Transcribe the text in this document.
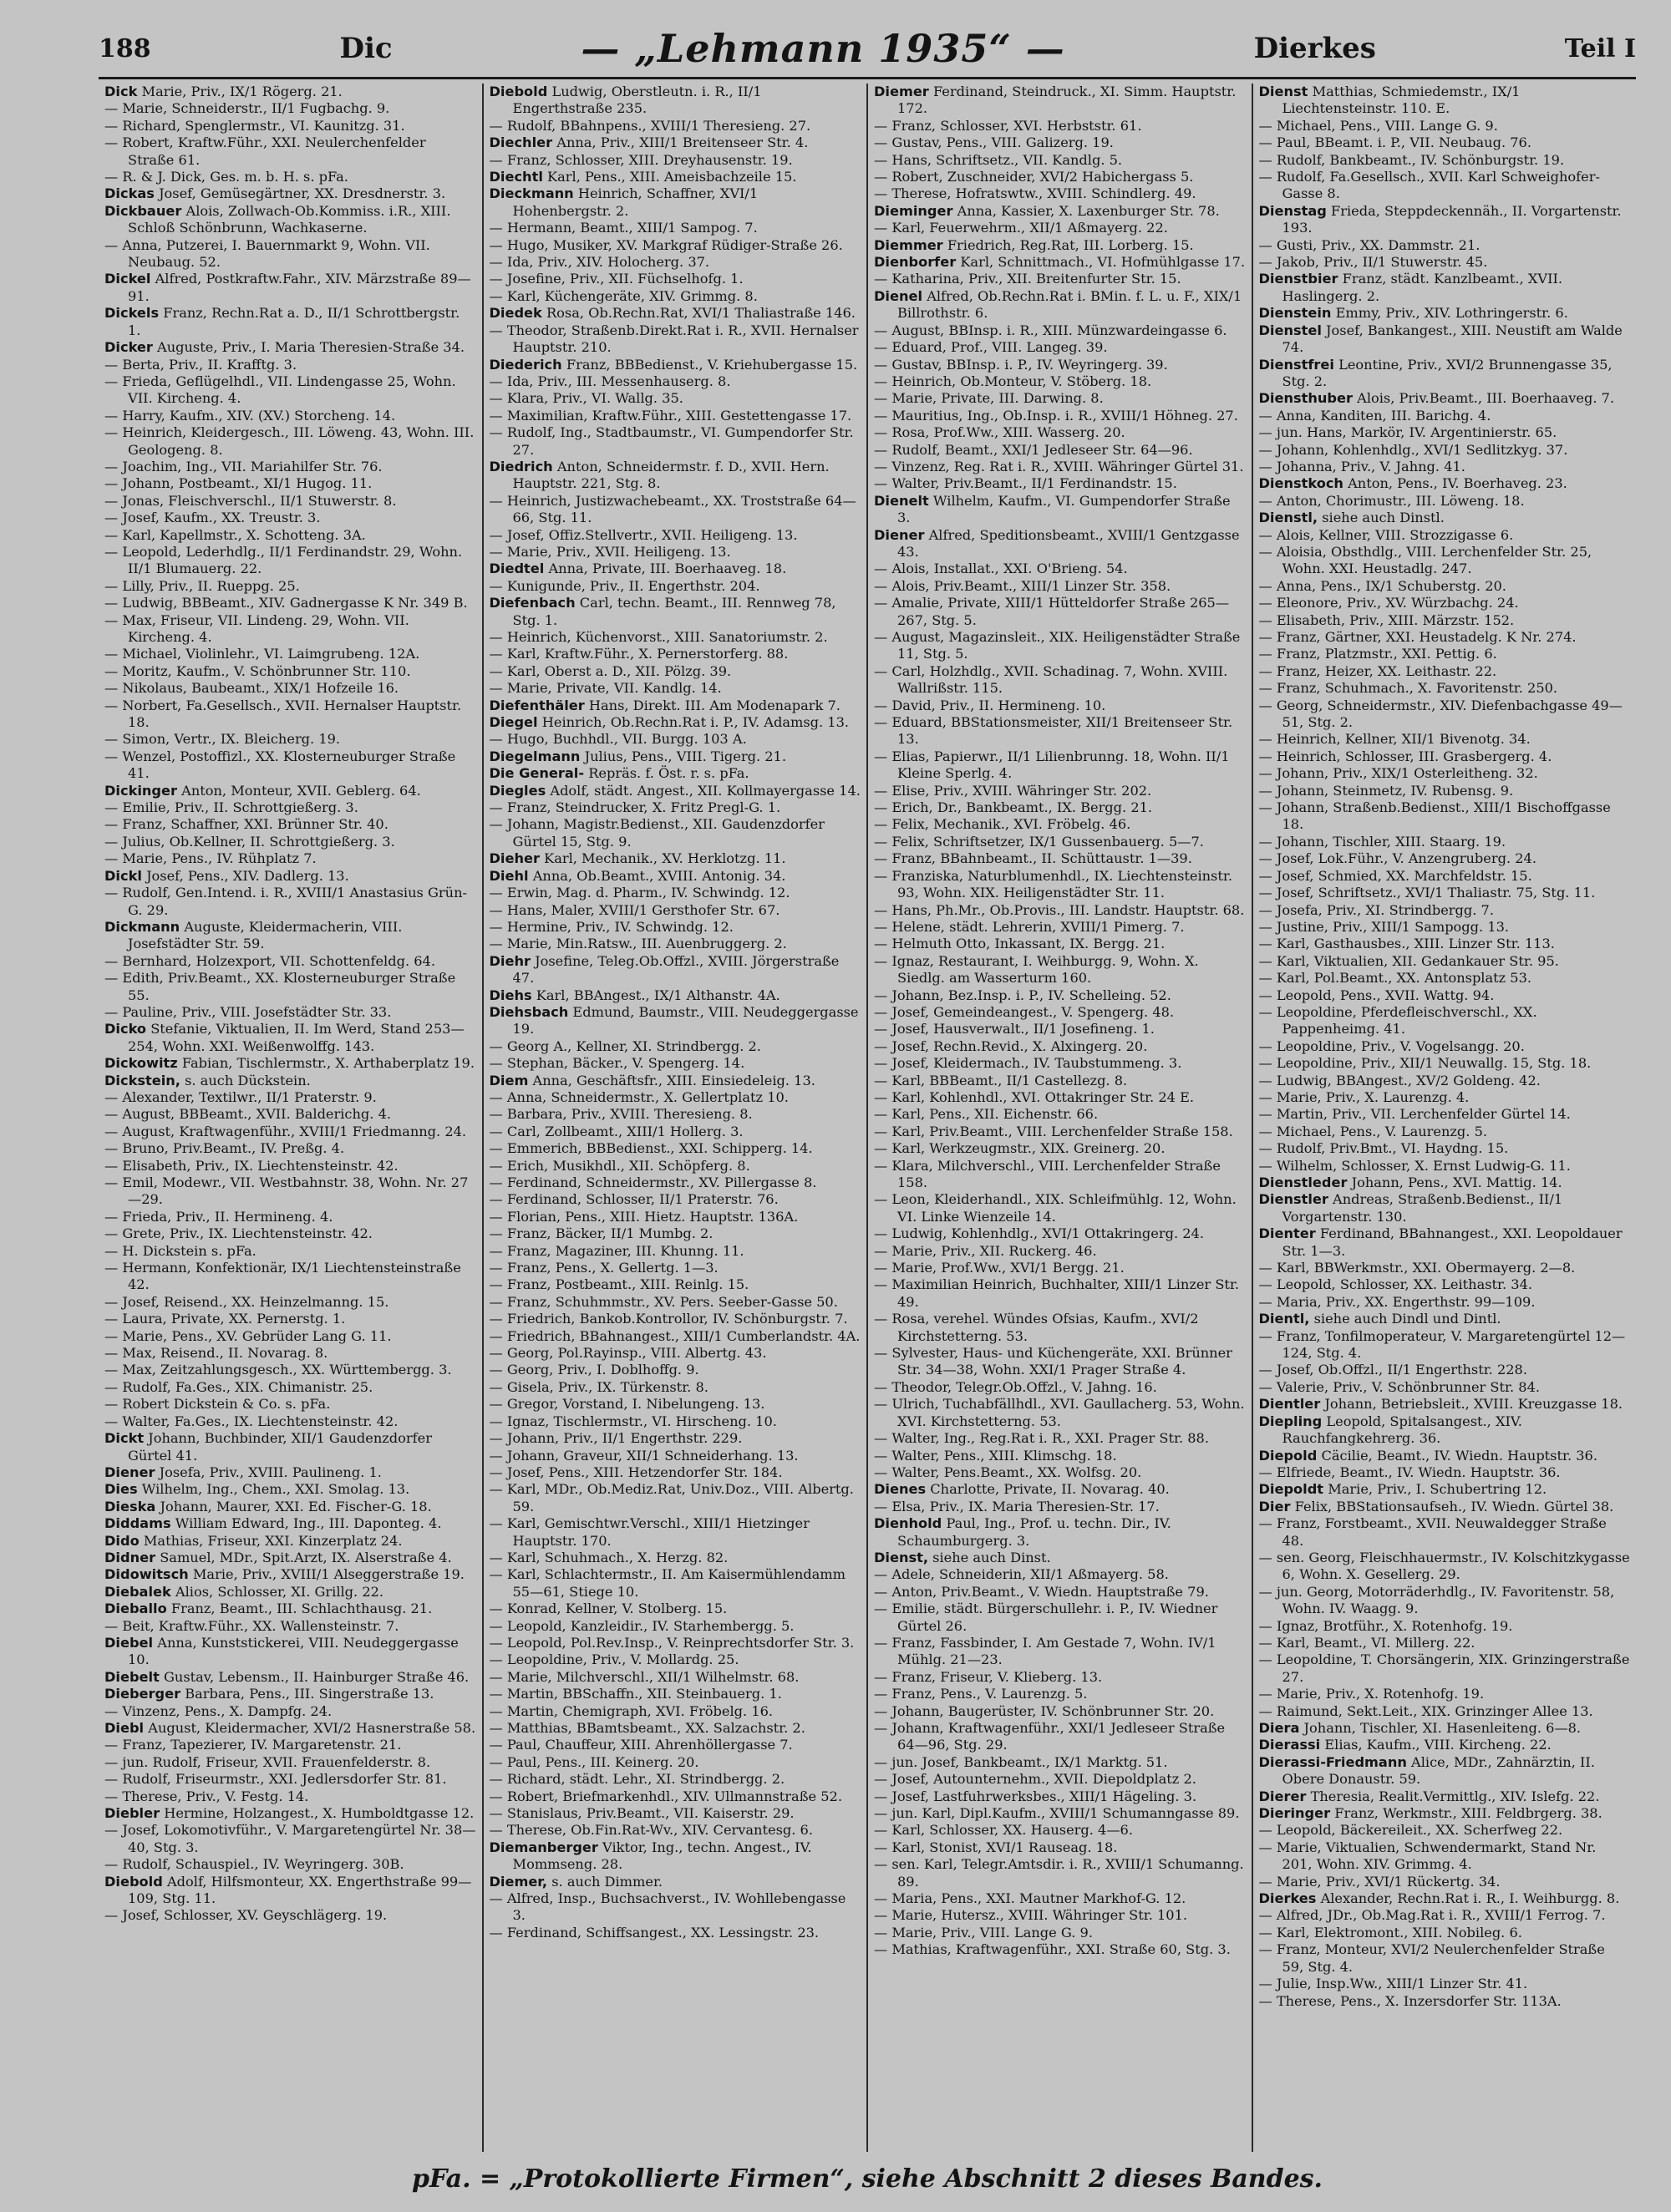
188	Dic	— „Lehmann 1935“ —	Dierkes	Teil I

Dick Marie, Priv., IX/1 Rögerg. 21.

— Marie, Schneiderstr., II/1 Fugbachg. 9.

— Richard, Spenglermstr., VI. Kaunitzg. 31.

— Robert, Kraftw.Führ., XXI. Neulerchenfelder Straße 61.

— R. & J. Dick, Ges. m. b. H. s. pFa.

Dickas Josef, Gemüsegärtner, XX. Dresdnerstr. 3.

Dickbauer Alois, Zollwach-Ob.Kommiss. i.R., XIII. Schloß Schönbrunn, Wachkaserne.

— Anna, Putzerei, I. Bauernmarkt 9, Wohn. VII. Neubaug. 52.

Dickel Alfred, Postkraftw.Fahr., XIV. Märzstraße 89—91.

Dickels Franz, Rechn.Rat a. D., II/1 Schrottbergstr. 1.

Dicker Auguste, Priv., I. Maria Theresien-Straße 34.

— Berta, Priv., II. Krafftg. 3.

— Frieda, Geflügelhdl., VII. Lindengasse 25, Wohn. VII. Kircheng. 4.

— Harry, Kaufm., XIV. (XV.) Storcheng. 14.

— Heinrich, Kleidergesch., III. Löweng. 43, Wohn. III. Geologeng. 8.

— Joachim, Ing., VII. Mariahilfer Str. 76.

— Johann, Postbeamt., XI/1 Hugog. 11.

— Jonas, Fleischverschl., II/1 Stuwerstr. 8.

— Josef, Kaufm., XX. Treustr. 3.

— Karl, Kapellmstr., X. Schotteng. 3A.

— Leopold, Lederhdlg., II/1 Ferdinandstr. 29, Wohn. II/1 Blumauerg. 22.

— Lilly, Priv., II. Rueppg. 25.

— Ludwig, BBBeamt., XIV. Gadnergasse K Nr. 349 B.

— Max, Friseur, VII. Lindeng. 29, Wohn. VII. Kircheng. 4.

— Michael, Violinlehr., VI. Laimgrubeng. 12A.

— Moritz, Kaufm., V. Schönbrunner Str. 110.

— Nikolaus, Baubeamt., XIX/1 Hofzeile 16.

— Norbert, Fa.Gesellsch., XVII. Hernalser Hauptstr. 18.

— Simon, Vertr., IX. Bleicherg. 19.

— Wenzel, Postoffizl., XX. Klosterneuburger Straße 41.

Dickinger Anton, Monteur, XVII. Geblerg. 64.

— Emilie, Priv., II. Schrottgießerg. 3.

— Franz, Schaffner, XXI. Brünner Str. 40.

— Julius, Ob.Kellner, II. Schrottgießerg. 3.

— Marie, Pens., IV. Rühplatz 7.

Dickl Josef, Pens., XIV. Dadlerg. 13.

— Rudolf, Gen.Intend. i. R., XVIII/1 Anastasius Grün-G. 29.

Dickmann Auguste, Kleidermacherin, VIII. Josefstädter Str. 59.

— Bernhard, Holzexport, VII. Schottenfeldg. 64.

— Edith, Priv.Beamt., XX. Klosterneuburger Straße 55.

— Pauline, Priv., VIII. Josefstädter Str. 33.

Dicko Stefanie, Viktualien, II. Im Werd, Stand 253—254, Wohn. XXI. Weißenwolffg. 143.

Dickowitz Fabian, Tischlermstr., X. Arthaberplatz 19.

Dickstein, s. auch Dückstein.

— Alexander, Textilwr., II/1 Praterstr. 9.

— August, BBBeamt., XVII. Balderichg. 4.

— August, Kraftwagenführ., XVIII/1 Friedmanng. 24.

— Bruno, Priv.Beamt., IV. Preßg. 4.

— Elisabeth, Priv., IX. Liechtensteinstr. 42.

— Emil, Modewr., VII. Westbahnstr. 38, Wohn. Nr. 27—29.

— Frieda, Priv., II. Hermineng. 4.

— Grete, Priv., IX. Liechtensteinstr. 42.

— H. Dickstein s. pFa.

— Hermann, Konfektionär, IX/1 Liechtensteinstraße 42.

— Josef, Reisend., XX. Heinzelmanng. 15.

— Laura, Private, XX. Pernerstg. 1.

— Marie, Pens., XV. Gebrüder Lang G. 11.

— Max, Reisend., II. Novarag. 8.

— Max, Zeitzahlungsgesch., XX. Württembergg. 3.

— Rudolf, Fa.Ges., XIX. Chimanistr. 25.

— Robert Dickstein & Co. s. pFa.

— Walter, Fa.Ges., IX. Liechtensteinstr. 42.

Dickt Johann, Buchbinder, XII/1 Gaudenzdorfer Gürtel 41.

Diener Josefa, Priv., XVIII. Paulineng. 1.

Dies Wilhelm, Ing., Chem., XXI. Smolag. 13.

Dieska Johann, Maurer, XXI. Ed. Fischer-G. 18.

Diddams William Edward, Ing., III. Daponteg. 4.

Dido Mathias, Friseur, XXI. Kinzerplatz 24.

Didner Samuel, MDr., Spit.Arzt, IX. Alserstraße 4.

Didowitsch Marie, Priv., XVIII/1 Alseggerstraße 19.

Diebalek Alios, Schlosser, XI. Grillg. 22.

Dieballo Franz, Beamt., III. Schlachthausg. 21.

— Beit, Kraftw.Führ., XX. Wallensteinstr. 7.

Diebel Anna, Kunststickerei, VIII. Neudeggergasse 10.

Diebelt Gustav, Lebensm., II. Hainburger Straße 46.

Dieberger Barbara, Pens., III. Singerstraße 13.

— Vinzenz, Pens., X. Dampfg. 24.

Diebl August, Kleidermacher, XVI/2 Hasnerstraße 58.

— Franz, Tapezierer, IV. Margaretenstr. 21.

— jun. Rudolf, Friseur, XVII. Frauenfelderstr. 8.

— Rudolf, Friseurmstr., XXI. Jedlersdorfer Str. 81.

— Therese, Priv., V. Festg. 14.

Diebler Hermine, Holzangest., X. Humboldtgasse 12.

— Josef, Lokomotivführ., V. Margaretengürtel Nr. 38—40, Stg. 3.

— Rudolf, Schauspiel., IV. Weyringerg. 30B.

Diebold Adolf, Hilfsmonteur, XX. Engerthstraße 99—109, Stg. 11.

— Josef, Schlosser, XV. Geyschlägerg. 19.

Diebold Ludwig, Oberstleutn. i. R., II/1 Engerthstraße 235.

— Rudolf, BBahnpens., XVIII/1 Theresieng. 27.

Diechler Anna, Priv., XIII/1 Breitenseer Str. 4.

— Franz, Schlosser, XIII. Dreyhausenstr. 19.

Diechtl Karl, Pens., XIII. Ameisbachzeile 15.

Dieckmann Heinrich, Schaffner, XVI/1 Hohenbergstr. 2.

— Hermann, Beamt., XIII/1 Sampog. 7.

— Hugo, Musiker, XV. Markgraf Rüdiger-Straße 26.

— Ida, Priv., XIV. Holocherg. 37.

— Josefine, Priv., XII. Füchselhofg. 1.

— Karl, Küchengeräte, XIV. Grimmg. 8.

Diedek Rosa, Ob.Rechn.Rat, XVI/1 Thaliastraße 146.

— Theodor, Straßenb.Direkt.Rat i. R., XVII. Hernalser Hauptstr. 210.

Diederich Franz, BBBedienst., V. Kriehubergasse 15.

— Ida, Priv., III. Messenhauserg. 8.

— Klara, Priv., VI. Wallg. 35.

— Maximilian, Kraftw.Führ., XIII. Gestettengasse 17.

— Rudolf, Ing., Stadtbaumstr., VI. Gumpendorfer Str. 27.

Diedrich Anton, Schneidermstr. f. D., XVII. Hern. Hauptstr. 221, Stg. 8.

— Heinrich, Justizwachebeamt., XX. Troststraße 64—66, Stg. 11.

— Josef, Offiz.Stellvertr., XVII. Heiligeng. 13.

— Marie, Priv., XVII. Heiligeng. 13.

Diedtel Anna, Private, III. Boerhaaveg. 18.

— Kunigunde, Priv., II. Engerthstr. 204.

Diefenbach Carl, techn. Beamt., III. Rennweg 78, Stg. 1.

— Heinrich, Küchenvorst., XIII. Sanatoriumstr. 2.

— Karl, Kraftw.Führ., X. Pernerstorferg. 88.

— Karl, Oberst a. D., XII. Pölzg. 39.

— Marie, Private, VII. Kandlg. 14.

Diefenthäler Hans, Direkt. III. Am Modenapark 7.

Diegel Heinrich, Ob.Rechn.Rat i. P., IV. Adamsg. 13.

— Hugo, Buchhdl., VII. Burgg. 103 A.

Diegelmann Julius, Pens., VIII. Tigerg. 21.

Die General- Repräs. f. Öst. r. s. pFa.

Diegles Adolf, städt. Angest., XII. Kollmayergasse 14.

— Franz, Steindrucker, X. Fritz Pregl-G. 1.

— Johann, Magistr.Bedienst., XII. Gaudenzdorfer Gürtel 15, Stg. 9.

Dieher Karl, Mechanik., XV. Herklotzg. 11.

Diehl Anna, Ob.Beamt., XVIII. Antonig. 34.

— Erwin, Mag. d. Pharm., IV. Schwindg. 12.

— Hans, Maler, XVIII/1 Gersthofer Str. 67.

— Hermine, Priv., IV. Schwindg. 12.

— Marie, Min.Ratsw., III. Auenbruggerg. 2.

Diehr Josefine, Teleg.Ob.Offzl., XVIII. Jörgerstraße 47.

Diehs Karl, BBAngest., IX/1 Althanstr. 4A.

Diehsbach Edmund, Baumstr., VIII. Neudeggergasse 19.

— Georg A., Kellner, XI. Strindbergg. 2.

— Stephan, Bäcker., V. Spengerg. 14.

Diem Anna, Geschäftsfr., XIII. Einsiedeleig. 13.

— Anna, Schneidermstr., X. Gellertplatz 10.

— Barbara, Priv., XVIII. Theresieng. 8.

— Carl, Zollbeamt., XIII/1 Hollerg. 3.

— Emmerich, BBBedienst., XXI. Schipperg. 14.

— Erich, Musikhdl., XII. Schöpferg. 8.

— Ferdinand, Schneidermstr., XV. Pillergasse 8.

— Ferdinand, Schlosser, II/1 Praterstr. 76.

— Florian, Pens., XIII. Hietz. Hauptstr. 136A.

— Franz, Bäcker, II/1 Mumbg. 2.

— Franz, Magaziner, III. Khunng. 11.

— Franz, Pens., X. Gellertg. 1—3.

— Franz, Postbeamt., XIII. Reinlg. 15.

— Franz, Schuhmmstr., XV. Pers. Seeber-Gasse 50.

— Friedrich, Bankob.Kontrollor, IV. Schönburgstr. 7.

— Friedrich, BBahnangest., XIII/1 Cumberlandstr. 4A.

— Georg, Pol.Rayinsp., VIII. Albertg. 43.

— Georg, Priv., I. Doblhoffg. 9.

— Gisela, Priv., IX. Türkenstr. 8.

— Gregor, Vorstand, I. Nibelungeng. 13.

— Ignaz, Tischlermstr., VI. Hirscheng. 10.

— Johann, Priv., II/1 Engerthstr. 229.

— Johann, Graveur, XII/1 Schneiderhang. 13.

— Josef, Pens., XIII. Hetzendorfer Str. 184.

— Karl, MDr., Ob.Mediz.Rat, Univ.Doz., VIII. Albertg. 59.

— Karl, Gemischtwr.Verschl., XIII/1 Hietzinger Hauptstr. 170.

— Karl, Schuhmach., X. Herzg. 82.

— Karl, Schlachtermstr., II. Am Kaisermühlendamm 55—61, Stiege 10.

— Konrad, Kellner, V. Stolberg. 15.

— Leopold, Kanzleidir., IV. Starhembergg. 5.

— Leopold, Pol.Rev.Insp., V. Reinprechtsdorfer Str. 3.

— Leopoldine, Priv., V. Mollardg. 25.

— Marie, Milchverschl., XII/1 Wilhelmstr. 68.

— Martin, BBSchaffn., XII. Steinbauerg. 1.

— Martin, Chemigraph, XVI. Fröbelg. 16.

— Matthias, BBamtsbeamt., XX. Salzachstr. 2.

— Paul, Chauffeur, XIII. Ahrenhöllergasse 7.

— Paul, Pens., III. Keinerg. 20.

— Richard, städt. Lehr., XI. Strindbergg. 2.

— Robert, Briefmarkenhdl., XIV. Ullmannstraße 52.

— Stanislaus, Priv.Beamt., VII. Kaiserstr. 29.

— Therese, Ob.Fin.Rat-Wv., XIV. Cervantesg. 6.

Diemanberger Viktor, Ing., techn. Angest., IV. Mommseng. 28.

Diemer, s. auch Dimmer.

— Alfred, Insp., Buchsachverst., IV. Wohllebengasse 3.

— Ferdinand, Schiffsangest., XX. Lessingstr. 23.

Diemer Ferdinand, Steindruck., XI. Simm. Hauptstr. 172.

— Franz, Schlosser, XVI. Herbststr. 61.

— Gustav, Pens., VIII. Galizerg. 19.

— Hans, Schriftsetz., VII. Kandlg. 5.

— Robert, Zuschneider, XVI/2 Habichergass 5.

— Therese, Hofratswtw., XVIII. Schindlerg. 49.

Dieminger Anna, Kassier, X. Laxenburger Str. 78.

— Karl, Feuerwehrm., XII/1 Aßmayerg. 22.

Diemmer Friedrich, Reg.Rat, III. Lorberg. 15.

Dienborfer Karl, Schnittmach., VI. Hofmühlgasse 17.

— Katharina, Priv., XII. Breitenfurter Str. 15.

Dienel Alfred, Ob.Rechn.Rat i. BMin. f. L. u. F., XIX/1 Billrothstr. 6.

— August, BBInsp. i. R., XIII. Münzwardeingasse 6.

— Eduard, Prof., VIII. Langeg. 39.

— Gustav, BBInsp. i. P., IV. Weyringerg. 39.

— Heinrich, Ob.Monteur, V. Stöberg. 18.

— Marie, Private, III. Darwing. 8.

— Mauritius, Ing., Ob.Insp. i. R., XVIII/1 Höhneg. 27.

— Rosa, Prof.Ww., XIII. Wasserg. 20.

— Rudolf, Beamt., XXI/1 Jedleseer Str. 64—96.

— Vinzenz, Reg. Rat i. R., XVIII. Währinger Gürtel 31.

— Walter, Priv.Beamt., II/1 Ferdinandstr. 15.

Dienelt Wilhelm, Kaufm., VI. Gumpendorfer Straße 3.

Diener Alfred, Speditionsbeamt., XVIII/1 Gentzgasse 43.

— Alois, Installat., XXI. O'Brieng. 54.

— Alois, Priv.Beamt., XIII/1 Linzer Str. 358.

— Amalie, Private, XIII/1 Hütteldorfer Straße 265—267, Stg. 5.

— August, Magazinsleit., XIX. Heiligenstädter Straße 11, Stg. 5.

— Carl, Holzhdlg., XVII. Schadinag. 7, Wohn. XVIII. Wallrißstr. 115.

— David, Priv., II. Hermineng. 10.

— Eduard, BBStationsmeister, XII/1 Breitenseer Str. 13.

— Elias, Papierwr., II/1 Lilienbrunng. 18, Wohn. II/1 Kleine Sperlg. 4.

— Elise, Priv., XVIII. Währinger Str. 202.

— Erich, Dr., Bankbeamt., IX. Bergg. 21.

— Felix, Mechanik., XVI. Fröbelg. 46.

— Felix, Schriftsetzer, IX/1 Gussenbauerg. 5—7.

— Franz, BBahnbeamt., II. Schüttaustr. 1—39.

— Franziska, Naturblumenhdl., IX. Liechtensteinstr. 93, Wohn. XIX. Heiligenstädter Str. 11.

— Hans, Ph.Mr., Ob.Provis., III. Landstr. Hauptstr. 68.

— Helene, städt. Lehrerin, XVIII/1 Pimerg. 7.

— Helmuth Otto, Inkassant, IX. Bergg. 21.

— Ignaz, Restaurant, I. Weihburgg. 9, Wohn. X. Siedlg. am Wasserturm 160.

— Johann, Bez.Insp. i. P., IV. Schelleing. 52.

— Josef, Gemeindeangest., V. Spengerg. 48.

— Josef, Hausverwalt., II/1 Josefineng. 1.

— Josef, Rechn.Revid., X. Alxingerg. 20.

— Josef, Kleidermach., IV. Taubstummeng. 3.

— Karl, BBBeamt., II/1 Castellezg. 8.

— Karl, Kohlenhdl., XVI. Ottakringer Str. 24 E.

— Karl, Pens., XII. Eichenstr. 66.

— Karl, Priv.Beamt., VIII. Lerchenfelder Straße 158.

— Karl, Werkzeugmstr., XIX. Greinerg. 20.

— Klara, Milchverschl., VIII. Lerchenfelder Straße 158.

— Leon, Kleiderhandl., XIX. Schleifmühlg. 12, Wohn. VI. Linke Wienzeile 14.

— Ludwig, Kohlenhdlg., XVI/1 Ottakringerg. 24.

— Marie, Priv., XII. Ruckerg. 46.

— Marie, Prof.Ww., XVI/1 Bergg. 21.

— Maximilian Heinrich, Buchhalter, XIII/1 Linzer Str. 49.

— Rosa, verehel. Wündes Ofsias, Kaufm., XVI/2 Kirchstetterng. 53.

— Sylvester, Haus- und Küchengeräte, XXI. Brünner Str. 34—38, Wohn. XXI/1 Prager Straße 4.

— Theodor, Telegr.Ob.Offzl., V. Jahng. 16.

— Ulrich, Tuchabfällhdl., XVI. Gaullacherg. 53, Wohn. XVI. Kirchstetterng. 53.

— Walter, Ing., Reg.Rat i. R., XXI. Prager Str. 88.

— Walter, Pens., XIII. Klimschg. 18.

— Walter, Pens.Beamt., XX. Wolfsg. 20.

Dienes Charlotte, Private, II. Novarag. 40.

— Elsa, Priv., IX. Maria Theresien-Str. 17.

Dienhold Paul, Ing., Prof. u. techn. Dir., IV. Schaumburgerg. 3.

Dienst, siehe auch Dinst.

— Adele, Schneiderin, XII/1 Aßmayerg. 58.

— Anton, Priv.Beamt., V. Wiedn. Hauptstraße 79.

— Emilie, städt. Bürgerschullehr. i. P., IV. Wiedner Gürtel 26.

— Franz, Fassbinder, I. Am Gestade 7, Wohn. IV/1 Mühlg. 21—23.

— Franz, Friseur, V. Klieberg. 13.

— Franz, Pens., V. Laurenzg. 5.

— Johann, Baugerüster, IV. Schönbrunner Str. 20.

— Johann, Kraftwagenführ., XXI/1 Jedleseer Straße 64—96, Stg. 29.

— jun. Josef, Bankbeamt., IX/1 Marktg. 51.

— Josef, Autounternehm., XVII. Diepoldplatz 2.

— Josef, Lastfuhrwerksbes., XIII/1 Hägeling. 3.

— jun. Karl, Dipl.Kaufm., XVIII/1 Schumanngasse 89.

— Karl, Schlosser, XX. Hauserg. 4—6.

— Karl, Stonist, XVI/1 Rauseag. 18.

— sen. Karl, Telegr.Amtsdir. i. R., XVIII/1 Schumanng. 89.

— Maria, Pens., XXI. Mautner Markhof-G. 12.

— Marie, Hutersz., XVIII. Währinger Str. 101.

— Marie, Priv., VIII. Lange G. 9.

— Mathias, Kraftwagenführ., XXI. Straße 60, Stg. 3.

Dienst Matthias, Schmiedemstr., IX/1 Liechtensteinstr. 110. E.

— Michael, Pens., VIII. Lange G. 9.

— Paul, BBeamt. i. P., VII. Neubaug. 76.

— Rudolf, Bankbeamt., IV. Schönburgstr. 19.

— Rudolf, Fa.Gesellsch., XVII. Karl Schweighofer-Gasse 8.

Dienstag Frieda, Steppdeckennäh., II. Vorgartenstr. 193.

— Gusti, Priv., XX. Dammstr. 21.

— Jakob, Priv., II/1 Stuwerstr. 45.

Dienstbier Franz, städt. Kanzlbeamt., XVII. Haslingerg. 2.

Dienstein Emmy, Priv., XIV. Lothringerstr. 6.

Dienstel Josef, Bankangest., XIII. Neustift am Walde 74.

Dienstfrei Leontine, Priv., XVI/2 Brunnengasse 35, Stg. 2.

Diensthuber Alois, Priv.Beamt., III. Boerhaaveg. 7.

— Anna, Kanditen, III. Barichg. 4.

— jun. Hans, Markör, IV. Argentinierstr. 65.

— Johann, Kohlenhdlg., XVI/1 Sedlitzkyg. 37.

— Johanna, Priv., V. Jahng. 41.

Dienstkoch Anton, Pens., IV. Boerhaveg. 23.

— Anton, Chorimustr., III. Löweng. 18.

Dienstl, siehe auch Dinstl.

— Alois, Kellner, VIII. Strozzigasse 6.

— Aloisia, Obsthdlg., VIII. Lerchenfelder Str. 25, Wohn. XXI. Heustadlg. 247.

— Anna, Pens., IX/1 Schuberstg. 20.

— Eleonore, Priv., XV. Würzbachg. 24.

— Elisabeth, Priv., XIII. Märzstr. 152.

— Franz, Gärtner, XXI. Heustadelg. K Nr. 274.

— Franz, Platzmstr., XXI. Pettig. 6.

— Franz, Heizer, XX. Leithastr. 22.

— Franz, Schuhmach., X. Favoritenstr. 250.

— Georg, Schneidermstr., XIV. Diefenbachgasse 49—51, Stg. 2.

— Heinrich, Kellner, XII/1 Bivenotg. 34.

— Heinrich, Schlosser, III. Grasbergerg. 4.

— Johann, Priv., XIX/1 Osterleitheng. 32.

— Johann, Steinmetz, IV. Rubensg. 9.

— Johann, Straßenb.Bedienst., XIII/1 Bischoffgasse 18.

— Johann, Tischler, XIII. Staarg. 19.

— Josef, Lok.Führ., V. Anzengruberg. 24.

— Josef, Schmied, XX. Marchfeldstr. 15.

— Josef, Schriftsetz., XVI/1 Thaliastr. 75, Stg. 11.

— Josefa, Priv., XI. Strindbergg. 7.

— Justine, Priv., XIII/1 Sampogg. 13.

— Karl, Gasthausbes., XIII. Linzer Str. 113.

— Karl, Viktualien, XII. Gedankauer Str. 95.

— Karl, Pol.Beamt., XX. Antonsplatz 53.

— Leopold, Pens., XVII. Wattg. 94.

— Leopoldine, Pferdefleischverschl., XX. Pappenheimg. 41.

— Leopoldine, Priv., V. Vogelsangg. 20.

— Leopoldine, Priv., XII/1 Neuwallg. 15, Stg. 18.

— Ludwig, BBAngest., XV/2 Goldeng. 42.

— Marie, Priv., X. Laurenzg. 4.

— Martin, Priv., VII. Lerchenfelder Gürtel 14.

— Michael, Pens., V. Laurenzg. 5.

— Rudolf, Priv.Bmt., VI. Haydng. 15.

— Wilhelm, Schlosser, X. Ernst Ludwig-G. 11.

Dienstleder Johann, Pens., XVI. Mattig. 14.

Dienstler Andreas, Straßenb.Bedienst., II/1 Vorgartenstr. 130.

Dienter Ferdinand, BBahnangest., XXI. Leopoldauer Str. 1—3.

— Karl, BBWerkmstr., XXI. Obermayerg. 2—8.

— Leopold, Schlosser, XX. Leithastr. 34.

— Maria, Priv., XX. Engerthstr. 99—109.

Dientl, siehe auch Dindl und Dintl.

— Franz, Tonfilmoperateur, V. Margaretengürtel 12—124, Stg. 4.

— Josef, Ob.Offzl., II/1 Engerthstr. 228.

— Valerie, Priv., V. Schönbrunner Str. 84.

Dientler Johann, Betriebsleit., XVIII. Kreuzgasse 18.

Diepling Leopold, Spitalsangest., XIV. Rauchfangkehrerg. 36.

Diepold Cäcilie, Beamt., IV. Wiedn. Hauptstr. 36.

— Elfriede, Beamt., IV. Wiedn. Hauptstr. 36.

Diepoldt Marie, Priv., I. Schubertring 12.

Dier Felix, BBStationsaufseh., IV. Wiedn. Gürtel 38.

— Franz, Forstbeamt., XVII. Neuwaldegger Straße 48.

— sen. Georg, Fleischhauermstr., IV. Kolschitzkygasse 6, Wohn. X. Gesellerg. 29.

— jun. Georg, Motorräderhdlg., IV. Favoritenstr. 58, Wohn. IV. Waagg. 9.

— Ignaz, Brotführ., X. Rotenhofg. 19.

— Karl, Beamt., VI. Millerg. 22.

— Leopoldine, T. Chorsängerin, XIX. Grinzingerstraße 27.

— Marie, Priv., X. Rotenhofg. 19.

— Raimund, Sekt.Leit., XIX. Grinzinger Allee 13.

Diera Johann, Tischler, XI. Hasenleiteng. 6—8.

Dierassi Elias, Kaufm., VIII. Kircheng. 22.

Dierassi-Friedmann Alice, MDr., Zahnärztin, II. Obere Donaustr. 59.

Dierer Theresia, Realit.Vermittlg., XIV. Islefg. 22.

Dieringer Franz, Werkmstr., XIII. Feldbrgerg. 38.

— Leopold, Bäckereileit., XX. Scherfweg 22.

— Marie, Viktualien, Schwendermarkt, Stand Nr. 201, Wohn. XIV. Grimmg. 4.

— Marie, Priv., XVI/1 Rückertg. 34.

Dierkes Alexander, Rechn.Rat i. R., I. Weihburgg. 8.

— Alfred, JDr., Ob.Mag.Rat i. R., XVIII/1 Ferrog. 7.

— Karl, Elektromont., XIII. Nobileg. 6.

— Franz, Monteur, XVI/2 Neulerchenfelder Straße 59, Stg. 4.

— Julie, Insp.Ww., XIII/1 Linzer Str. 41.

— Therese, Pens., X. Inzersdorfer Str. 113A.

pFa. = „Protokollierte Firmen“, siehe Abschnitt 2 dieses Bandes.
